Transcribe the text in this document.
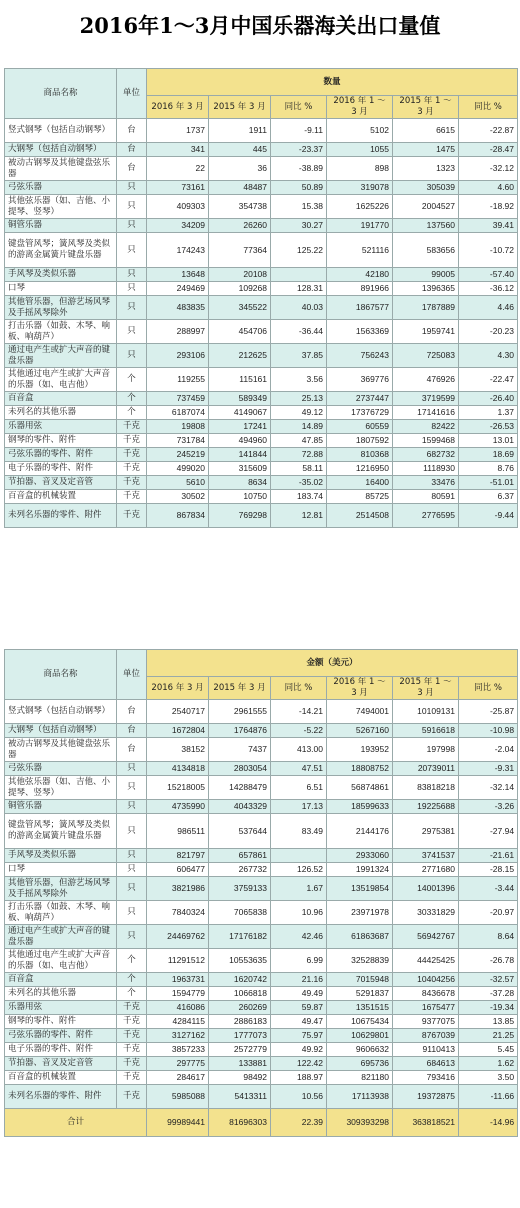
2016年1～3月中国乐器海关出口量值
商品名称	单位	数量					
		2016 年 3 月	2015 年 3 月	同比 %	2016 年 1 ～ 3 月	2015 年 1 ～ 3 月	同比 %
竖式钢琴（包括自动钢琴）	台	1737	1911	-9.11	5102	6615	-22.87
大钢琴（包括自动钢琴）	台	341	445	-23.37	1055	1475	-28.47
被动古钢琴及其他键盘弦乐器	台	22	36	-38.89	898	1323	-32.12
弓弦乐器	只	73161	48487	50.89	319078	305039	4.60
其他弦乐器（如、吉他、小提琴、竖琴）	只	409303	354738	15.38	1625226	2004527	-18.92
铜管乐器	只	34209	26260	30.27	191770	137560	39.41
键盘管风琴；簧风琴及类似的游离金属簧片键盘乐器	只	174243	77364	125.22	521116	583656	-10.72
手风琴及类似乐器	只	13648	20108		42180	99005	-57.40
口琴	只	249469	109268	128.31	891966	1396365	-36.12
其他管乐器，但游艺场风琴及手摇风琴除外	只	483835	345522	40.03	1867577	1787889	4.46
打击乐器（如鼓、木琴、响板、响葫芦）	只	288997	454706	-36.44	1563369	1959741	-20.23
通过电产生或扩大声音的键盘乐器	只	293106	212625	37.85	756243	725083	4.30
其他通过电产生或扩大声音的乐器（如、电吉他）	个	119255	115161	3.56	369776	476926	-22.47
百音盒	个	737459	589349	25.13	2737447	3719599	-26.40
未列名的其他乐器	个	6187074	4149067	49.12	17376729	17141616	1.37
乐器用弦	千克	19808	17241	14.89	60559	82422	-26.53
钢琴的零件、附件	千克	731784	494960	47.85	1807592	1599468	13.01
弓弦乐器的零件、附件	千克	245219	141844	72.88	810368	682732	18.69
电子乐器的零件、附件	千克	499020	315609	58.11	1216950	1118930	8.76
节拍器、音叉及定音管	千克	5610	8634	-35.02	16400	33476	-51.01
百音盒的机械装置	千克	30502	10750	183.74	85725	80591	6.37
未列名乐器的零件、附件	千克	867834	769298	12.81	2514508	2776595	-9.44
商品名称	单位	金额（美元）					
		2016 年 3 月	2015 年 3 月	同比 %	2016 年 1 ～ 3 月	2015 年 1 ～ 3 月	同比 %
竖式钢琴（包括自动钢琴）	台	2540717	2961555	-14.21	7494001	10109131	-25.87
大钢琴（包括自动钢琴）	台	1672804	1764876	-5.22	5267160	5916618	-10.98
被动古钢琴及其他键盘弦乐器	台	38152	7437	413.00	193952	197998	-2.04
弓弦乐器	只	4134818	2803054	47.51	18808752	20739011	-9.31
其他弦乐器（如、吉他、小提琴、竖琴）	只	15218005	14288479	6.51	56874861	83818218	-32.14
铜管乐器	只	4735990	4043329	17.13	18599633	19225688	-3.26
键盘管风琴；簧风琴及类似的游离金属簧片键盘乐器	只	986511	537644	83.49	2144176	2975381	-27.94
手风琴及类似乐器	只	821797	657861		2933060	3741537	-21.61
口琴	只	606477	267732	126.52	1991324	2771680	-28.15
其他管乐器，但游艺场风琴及手摇风琴除外	只	3821986	3759133	1.67	13519854	14001396	-3.44
打击乐器（如鼓、木琴、响板、响葫芦）	只	7840324	7065838	10.96	23971978	30331829	-20.97
通过电产生或扩大声音的键盘乐器	只	24469762	17176182	42.46	61863687	56942767	8.64
其他通过电产生或扩大声音的乐器（如、电吉他）	个	11291512	10553635	6.99	32528839	44425425	-26.78
百音盒	个	1963731	1620742	21.16	7015948	10404256	-32.57
未列名的其他乐器	个	1594779	1066818	49.49	5291837	8436678	-37.28
乐器用弦	千克	416086	260269	59.87	1351515	1675477	-19.34
钢琴的零件、附件	千克	4284115	2886183	49.47	10675434	9377075	13.85
弓弦乐器的零件、附件	千克	3127162	1777073	75.97	10629801	8767039	21.25
电子乐器的零件、附件	千克	3857233	2572779	49.92	9606632	9110413	5.45
节拍器、音叉及定音管	千克	297775	133881	122.42	695736	684613	1.62
百音盒的机械装置	千克	284617	98492	188.97	821180	793416	3.50
未列名乐器的零件、附件	千克	5985088	5413311	10.56	17113938	19372875	-11.66
合计		99989441	81696303	22.39	309393298	363818521	-14.96
